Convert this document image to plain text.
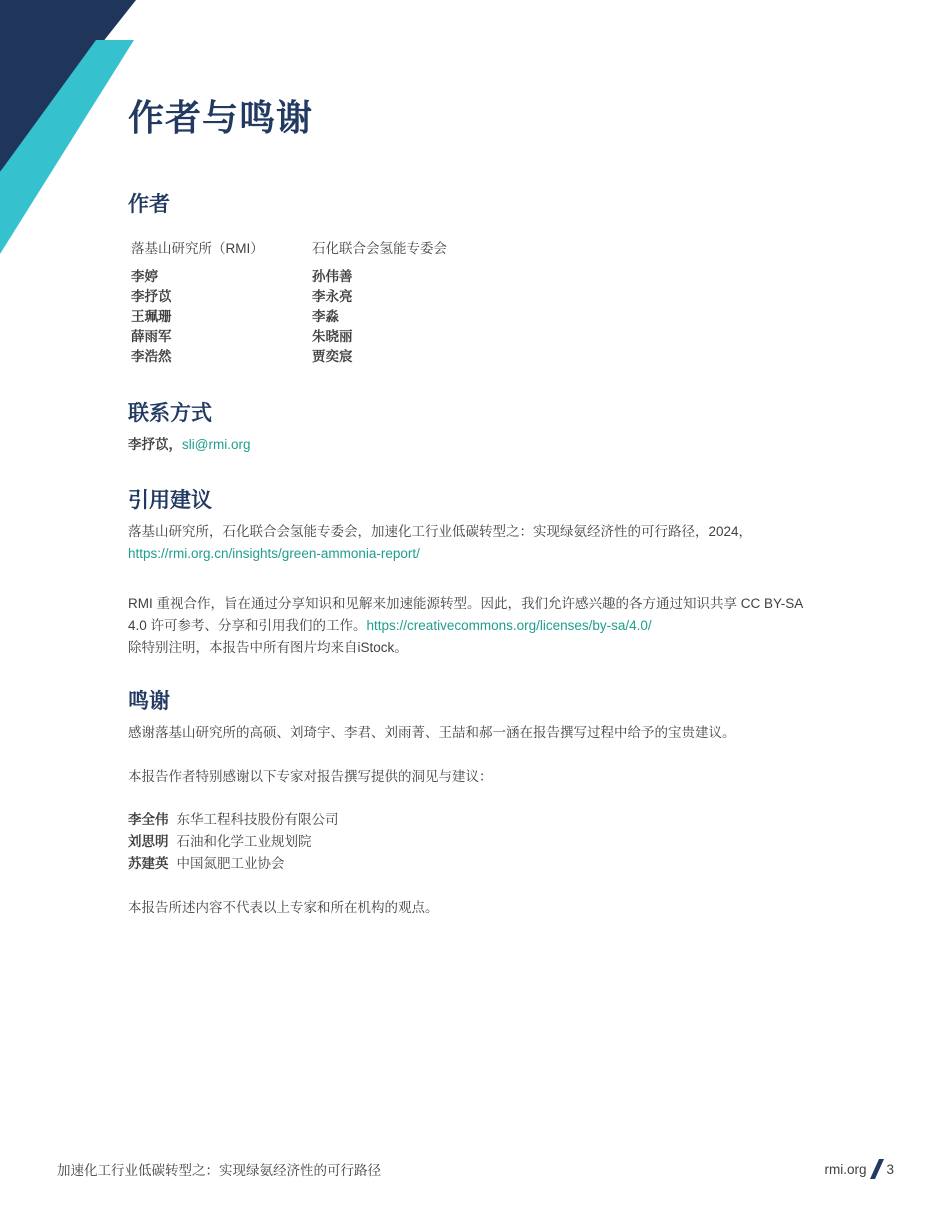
作者与鸣谢
作者
落基山研究所（RMI）	石化联合会氢能专委会
李婷
李抒苡
王珮珊
薛雨军
李浩然
孙伟善
李永亮
李淼
朱晓丽
贾奕宸
联系方式

李抒苡，sli@rmi.org

引用建议

落基山研究所，石化联合会氢能专委会，加速化工行业低碳转型之：实现绿氨经济性的可行路径，2024，

https://rmi.org.cn/insights/green-ammonia-report/

RMI 重视合作，旨在通过分享知识和见解来加速能源转型。因此，我们允许感兴趣的各方通过知识共享 CC BY-SA

4.0 许可参考、分享和引用我们的工作。https://creativecommons.org/licenses/by-sa/4.0/

除特别注明，本报告中所有图片均来自iStock。

鸣谢

感谢落基山研究所的高硕、刘琦宇、李君、刘雨菁、王喆和郝一涵在报告撰写过程中给予的宝贵建议。

本报告作者特别感谢以下专家对报告撰写提供的洞见与建议：

李全伟 东华工程科技股份有限公司
刘思明 石油和化学工业规划院
苏建英 中国氮肥工业协会

本报告所述内容不代表以上专家和所在机构的观点。

加速化工行业低碳转型之：实现绿氨经济性的可行路径	rmi.org 3
